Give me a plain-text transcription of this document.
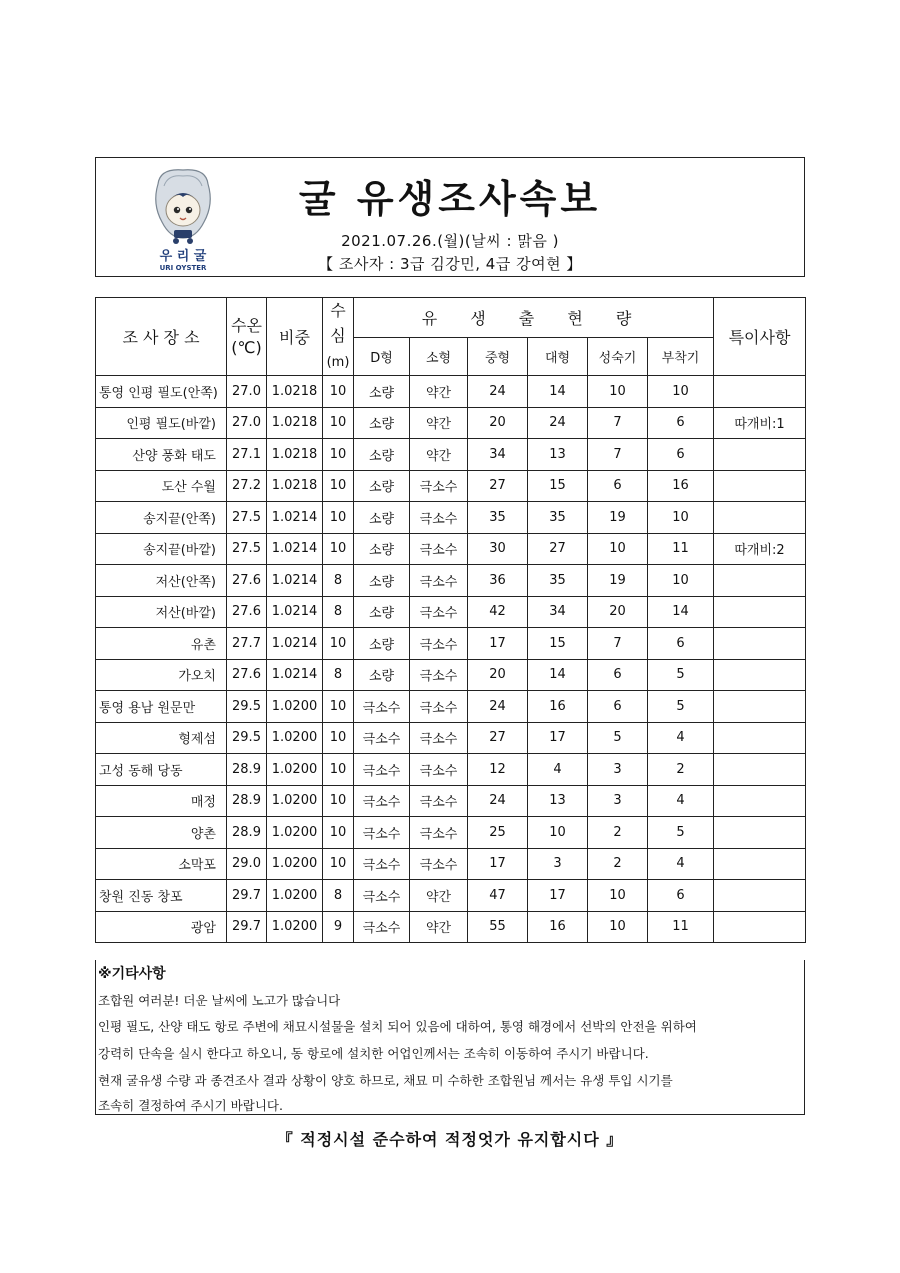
우 리 굴
URI OYSTER
굴 유생조사속보
2021.07.26.(월)(날씨 : 맑음 )
【 조사자 : 3급 김강민, 4급 강여현 】
조 사 장 소	수온
(℃)	비중	수
심
(m)	유 생 출 현 량						특이사항
				D형	소형	중형	대형	성숙기	부착기	
통영 인평 필도(안쪽)	27.0	1.0218	10	소량	약간	24	14	10	10	
인평 필도(바깥)	27.0	1.0218	10	소량	약간	20	24	7	6	따개비:1
산양 풍화 태도	27.1	1.0218	10	소량	약간	34	13	7	6	
도산 수월	27.2	1.0218	10	소량	극소수	27	15	6	16	
송지끝(안쪽)	27.5	1.0214	10	소량	극소수	35	35	19	10	
송지끝(바깥)	27.5	1.0214	10	소량	극소수	30	27	10	11	따개비:2
저산(안쪽)	27.6	1.0214	8	소량	극소수	36	35	19	10	
저산(바깥)	27.6	1.0214	8	소량	극소수	42	34	20	14	
유촌	27.7	1.0214	10	소량	극소수	17	15	7	6	
가오치	27.6	1.0214	8	소량	극소수	20	14	6	5	
통영 용남 원문만	29.5	1.0200	10	극소수	극소수	24	16	6	5	
형제섬	29.5	1.0200	10	극소수	극소수	27	17	5	4	
고성 동해 당동	28.9	1.0200	10	극소수	극소수	12	4	3	2	
매정	28.9	1.0200	10	극소수	극소수	24	13	3	4	
양촌	28.9	1.0200	10	극소수	극소수	25	10	2	5	
소막포	29.0	1.0200	10	극소수	극소수	17	3	2	4	
창원 진동 창포	29.7	1.0200	8	극소수	약간	47	17	10	6	
광암	29.7	1.0200	9	극소수	약간	55	16	10	11	
※기타사항
조합원 여러분! 더운 날씨에 노고가 많습니다
인평 필도, 산양 태도 항로 주변에 채묘시설물을 설치 되어 있음에 대하여, 통영 해경에서 선박의 안전을 위하여
강력히 단속을 실시 한다고 하오니, 동 항로에 설치한 어업인께서는 조속히 이동하여 주시기 바랍니다.
현재 굴유생 수량 과 종견조사 결과 상황이 양호 하므로, 채묘 미 수하한 조합원님 께서는 유생 투입 시기를
조속히 결정하여 주시기 바랍니다.
『 적정시설 준수하여 적정엇가 유지합시다 』
